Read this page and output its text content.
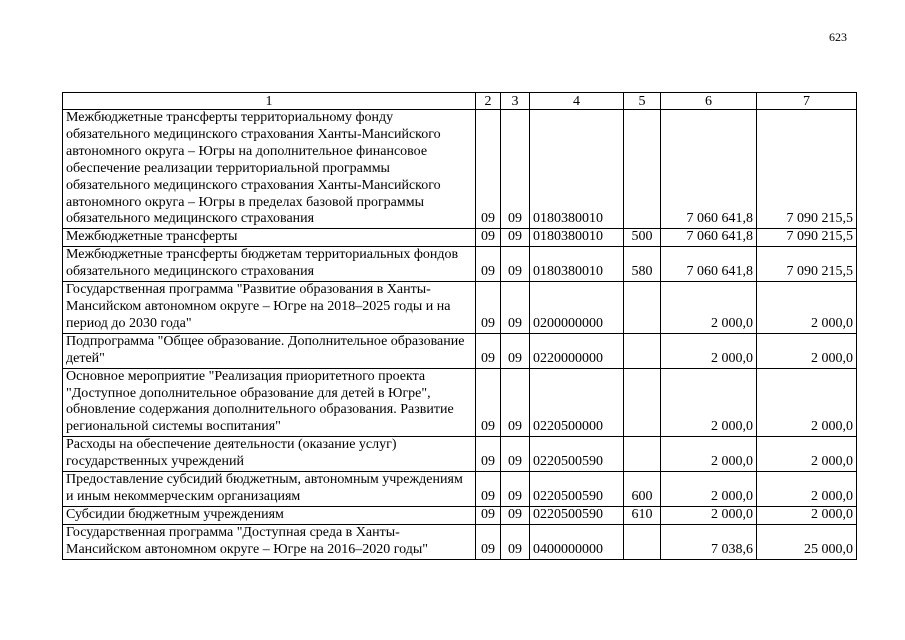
623
1	2	3	4	5	6	7
Межбюджетные трансферты территориальному фонду обязательного медицинского страхования Ханты-Мансийского автономного округа – Югры на дополнительное финансовое обеспечение реализации территориальной программы обязательного медицинского страхования Ханты-Мансийского автономного округа – Югры в пределах базовой программы обязательного медицинского страхования	09	09	0180380010		7 060 641,8	7 090 215,5
Межбюджетные трансферты	09	09	0180380010	500	7 060 641,8	7 090 215,5
Межбюджетные трансферты бюджетам территориальных фондов обязательного медицинского страхования	09	09	0180380010	580	7 060 641,8	7 090 215,5
Государственная программа "Развитие образования в Ханты-Мансийском автономном округе – Югре на 2018–2025 годы и на период до 2030 года"	09	09	0200000000		2 000,0	2 000,0
Подпрограмма "Общее образование. Дополнительное образование детей"	09	09	0220000000		2 000,0	2 000,0
Основное мероприятие "Реализация приоритетного проекта "Доступное дополнительное образование для детей в Югре", обновление содержания дополнительного образования. Развитие региональной системы воспитания"	09	09	0220500000		2 000,0	2 000,0
Расходы на обеспечение деятельности (оказание услуг) государственных учреждений	09	09	0220500590		2 000,0	2 000,0
Предоставление субсидий бюджетным, автономным учреждениям и иным некоммерческим организациям	09	09	0220500590	600	2 000,0	2 000,0
Субсидии бюджетным учреждениям	09	09	0220500590	610	2 000,0	2 000,0
Государственная программа "Доступная среда в Ханты-Мансийском автономном округе – Югре на 2016–2020 годы"	09	09	0400000000		7 038,6	25 000,0
